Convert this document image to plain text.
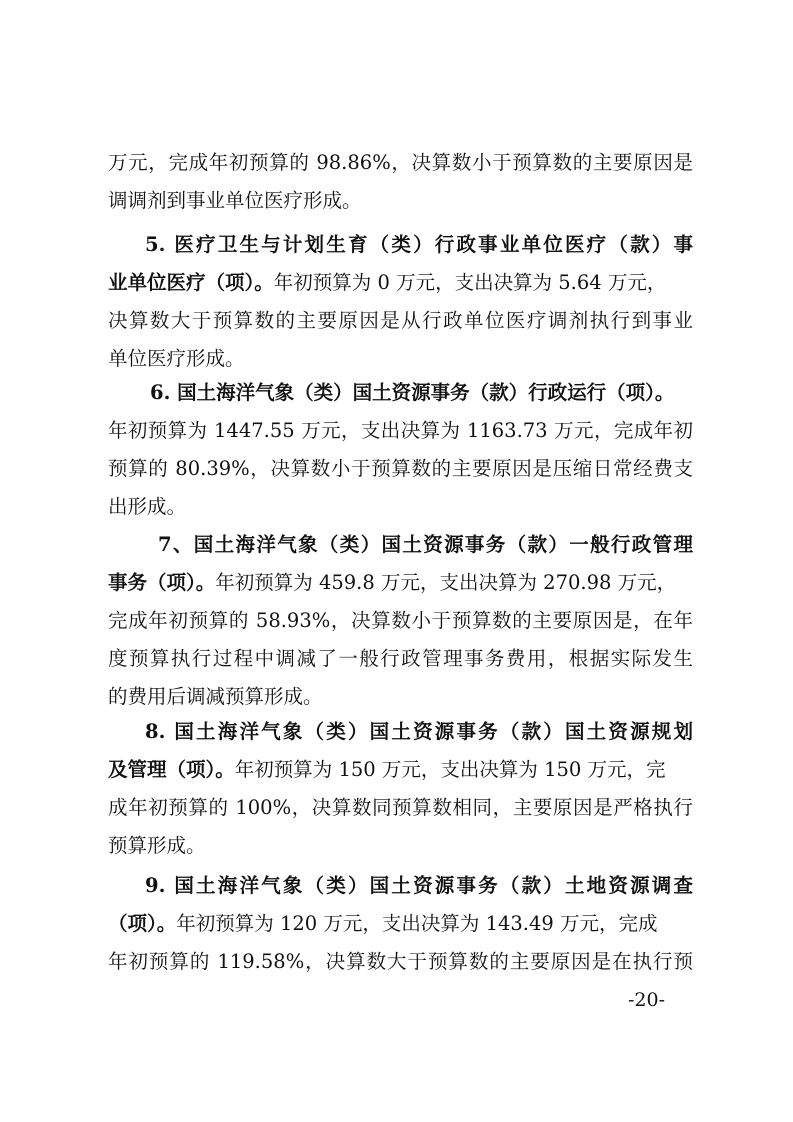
万元，完成年初预算的 98.86%，决算数小于预算数的主要原因是
调调剂到事业单位医疗形成。
5. 医疗卫生与计划生育（类）行政事业单位医疗（款）事
业单位医疗（项）。年初预算为 0 万元，支出决算为 5.64 万元，
决算数大于预算数的主要原因是从行政单位医疗调剂执行到事业
单位医疗形成。
6. 国土海洋气象（类）国土资源事务（款）行政运行（项）。
年初预算为 1447.55 万元，支出决算为 1163.73 万元，完成年初
预算的 80.39%，决算数小于预算数的主要原因是压缩日常经费支
出形成。
7、国土海洋气象（类）国土资源事务（款）一般行政管理
事务（项）。年初预算为 459.8 万元，支出决算为 270.98 万元，
完成年初预算的 58.93%，决算数小于预算数的主要原因是，在年
度预算执行过程中调减了一般行政管理事务费用，根据实际发生
的费用后调减预算形成。
8. 国土海洋气象（类）国土资源事务（款）国土资源规划
及管理（项）。年初预算为 150 万元，支出决算为 150 万元，完
成年初预算的 100%，决算数同预算数相同，主要原因是严格执行
预算形成。
9. 国土海洋气象（类）国土资源事务（款）土地资源调查
（项）。年初预算为 120 万元，支出决算为 143.49 万元，完成
年初预算的 119.58%，决算数大于预算数的主要原因是在执行预
-20-
